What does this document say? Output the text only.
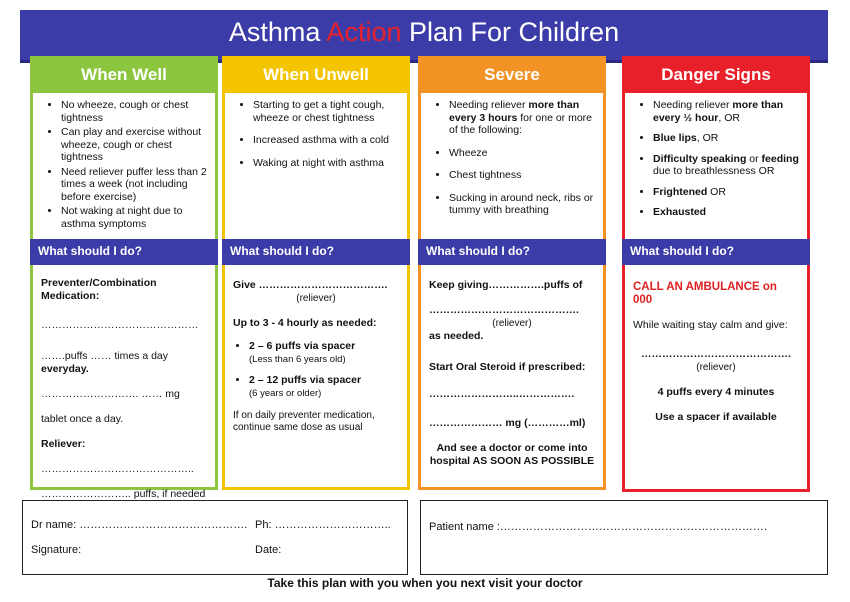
Asthma Action Plan For Children
When Well
• No wheeze, cough or chest tightness
• Can play and exercise without wheeze, cough or chest tightness
• Need reliever puffer less than 2 times a week (not including before exercise)
• Not waking at night due to asthma symptoms
What should I do?
Preventer/Combination Medication:
………………………………………
…….puffs …… times a day everyday.
………………………. …… mg
tablet once a day.
Reliever:
……………………………………..
…………………….. puffs, if needed
When Unwell
• Starting to get a tight cough, wheeze or chest tightness
• Increased asthma with a cold
• Waking at night with asthma
What should I do?
Give ……………………………….
(reliever)
Up to 3 - 4 hourly as needed:
• 2 – 6 puffs via spacer
(Less than 6 years old)
• 2 – 12 puffs via spacer
(6 years or older)
If on daily preventer medication, continue same dose as usual
Severe
• Needing reliever more than every 3 hours for one or more of the following:
• Wheeze
• Chest tightness
• Sucking in around neck, ribs or tummy with breathing
What should I do?
Keep giving…………….puffs of
…………………………………….
(reliever)
as needed.
Start Oral Steroid if prescribed:
……………………..…………….
………………… mg (…………ml)
And see a doctor or come into hospital AS SOON AS POSSIBLE
Danger Signs
• Needing reliever more than every ½ hour, OR
• Blue lips, OR
• Difficulty speaking or feeding due to breathlessness OR
• Frightened OR
• Exhausted
What should I do?
CALL AN AMBULANCE on 000
While waiting stay calm and give:
…………………………………….
(reliever)
4 puffs every 4 minutes
Use a spacer if available
Dr name: ………………………………………. Ph: …………………………..
Signature:	Date:
Patient name :……………………………………………………………….
Take this plan with you when you next visit your doctor
